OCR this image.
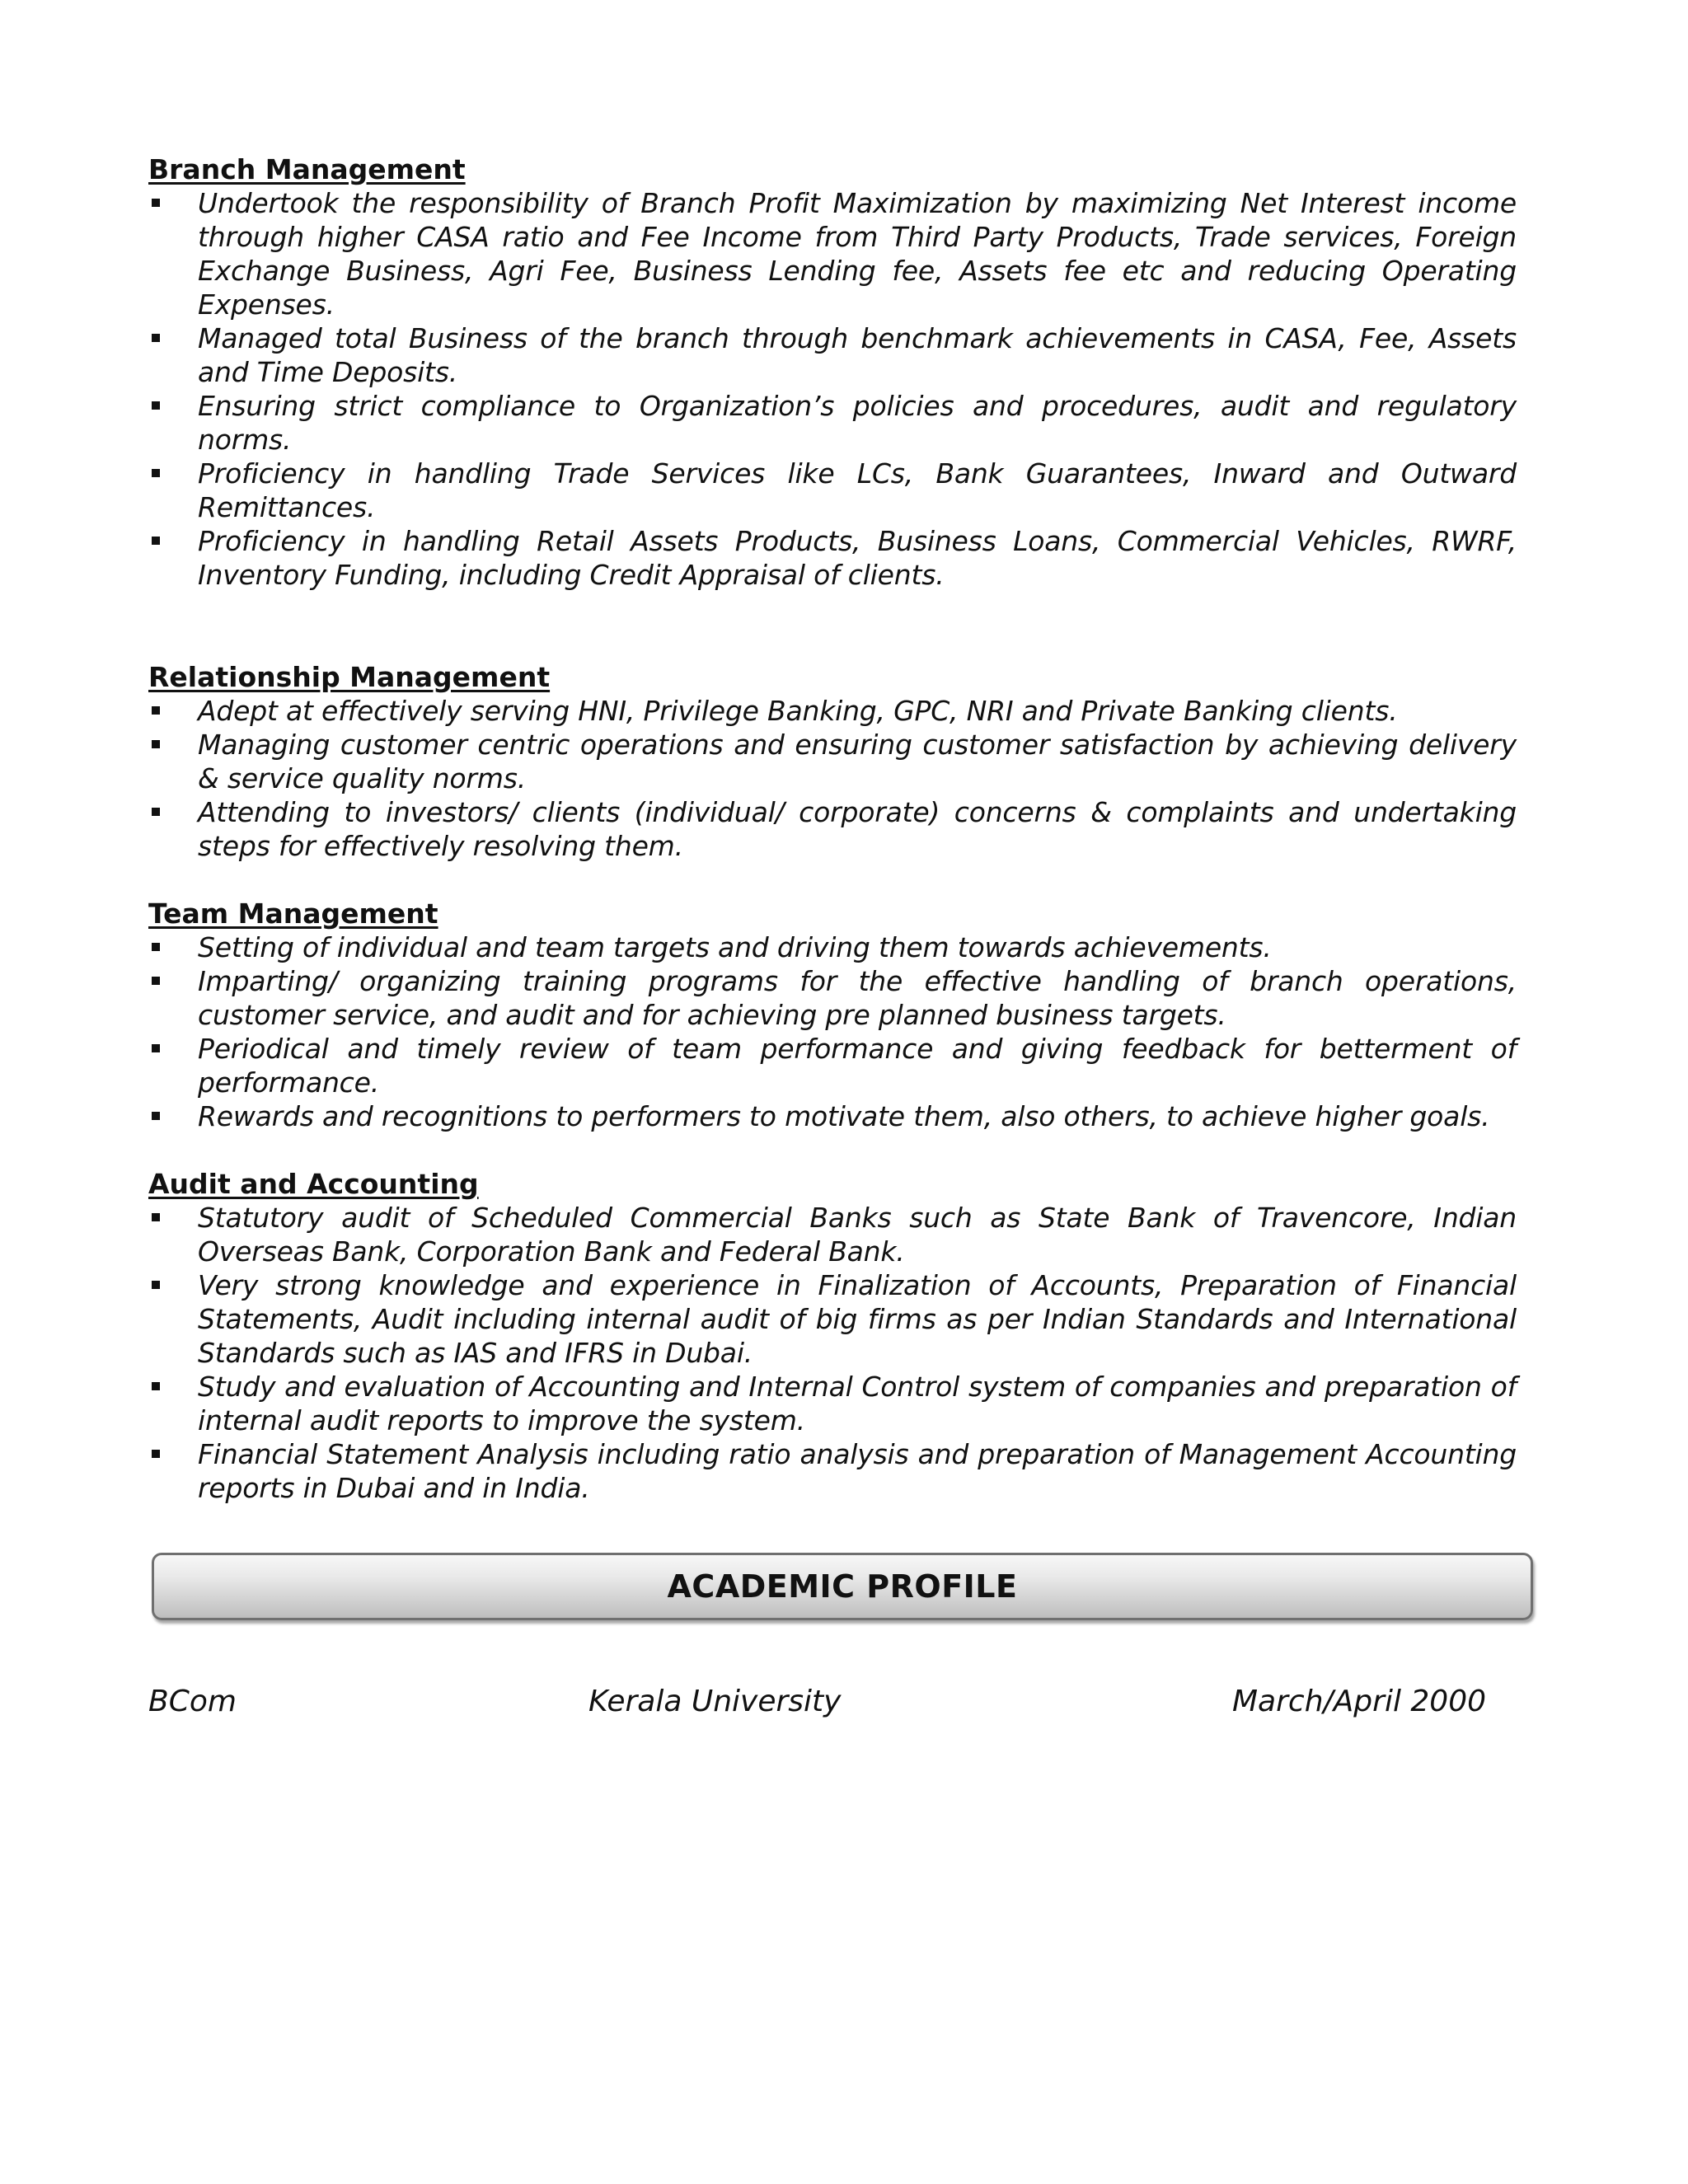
Branch Management
Undertook the responsibility of Branch Profit Maximization by maximizing Net Interest income through higher CASA ratio and Fee Income from Third Party Products, Trade services, Foreign Exchange Business, Agri Fee, Business Lending fee, Assets fee etc and reducing Operating Expenses.
Managed total Business of the branch through benchmark achievements in CASA, Fee, Assets and Time Deposits.
Ensuring strict compliance to Organization’s policies and procedures, audit and regulatory norms.
Proficiency in handling Trade Services like LCs, Bank Guarantees, Inward and Outward Remittances.
Proficiency in handling Retail Assets Products, Business Loans, Commercial Vehicles, RWRF, Inventory Funding, including Credit Appraisal of clients.
Relationship Management
Adept at effectively serving HNI, Privilege Banking, GPC, NRI and Private Banking clients.
Managing customer centric operations and ensuring customer satisfaction by achieving delivery & service quality norms.
Attending to investors/ clients (individual/ corporate) concerns & complaints and undertaking steps for effectively resolving them.
Team Management
Setting of individual and team targets and driving them towards achievements.
Imparting/ organizing training programs for the effective handling of branch operations, customer service, and audit and for achieving pre planned business targets.
Periodical and timely review of team performance and giving feedback for betterment of performance.
Rewards and recognitions to performers to motivate them, also others, to achieve higher goals.
Audit and Accounting
Statutory audit of Scheduled Commercial Banks such as State Bank of Travencore, Indian Overseas Bank, Corporation Bank and Federal Bank.
Very strong knowledge and experience in Finalization of Accounts, Preparation of Financial Statements, Audit including internal audit of big firms as per Indian Standards and International Standards such as IAS and IFRS in Dubai.
Study and evaluation of Accounting and Internal Control system of companies and preparation of internal audit reports to improve the system.
Financial Statement Analysis including ratio analysis and preparation of Management Accounting reports in Dubai and in India.
ACADEMIC PROFILE
BCom	Kerala University	March/April 2000
